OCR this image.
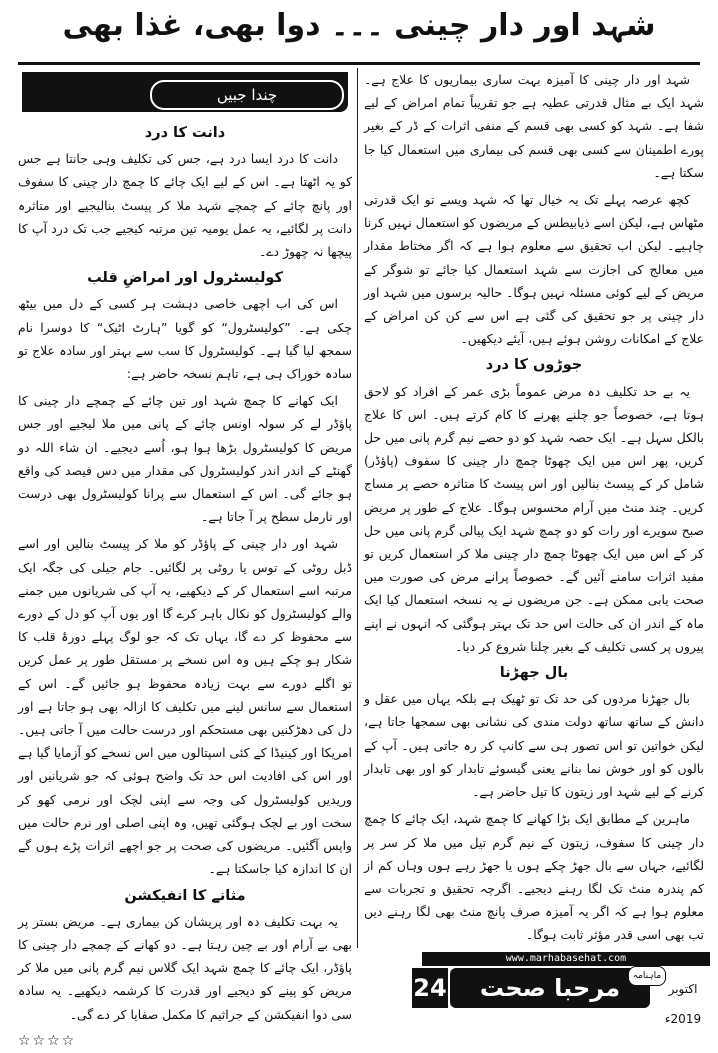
شہد اور دار چینی ۔۔۔ دوا بھی، غذا بھی

شہد اور دار چینی کا آمیزہ بہت ساری بیماریوں کا علاج ہے۔ شہد ایک بے مثال قدرتی عطیہ ہے جو تقریباً تمام امراض کے لیے شفا ہے۔ شہد کو کسی بھی قسم کے منفی اثرات کے ڈر کے بغیر پورے اطمینان سے کسی بھی قسم کی بیماری میں استعمال کیا جا سکتا ہے۔

کچھ عرصہ پہلے تک یہ خیال تھا کہ شہد ویسے تو ایک قدرتی مٹھاس ہے، لیکن اسے ذیابیطس کے مریضوں کو استعمال نہیں کرنا چاہیے۔ لیکن اب تحقیق سے معلوم ہوا ہے کہ اگر مختاط مقدار میں معالج کی اجازت سے شہد استعمال کیا جائے تو شوگر کے مریض کے لیے کوئی مسئلہ نہیں ہوگا۔ حالیہ برسوں میں شہد اور دار چینی پر جو تحقیق کی گئی ہے اس سے کن کن امراض کے علاج کے امکانات روشن ہوئے ہیں، آیئے دیکھیں۔

جوڑوں کا درد

یہ بے حد تکلیف دہ مرض عموماً بڑی عمر کے افراد کو لاحق ہوتا ہے، خصوصاً جو چلنے پھرنے کا کام کرتے ہیں۔ اس کا علاج بالکل سہل ہے۔ ایک حصہ شہد کو دو حصے نیم گرم پانی میں حل کریں، پھر اس میں ایک چھوٹا چمچ دار چینی کا سفوف (پاؤڈر) شامل کر کے پیسٹ بنالیں اور اس پیسٹ کا متاثرہ حصے پر مساج کریں۔ چند منٹ میں آرام محسوس ہوگا۔ علاج کے طور پر مریض صبح سویرے اور رات کو دو چمچ شہد ایک پیالی گرم پانی میں حل کر کے اس میں ایک چھوٹا چمچ دار چینی ملا کر استعمال کریں تو مفید اثرات سامنے آئیں گے۔ خصوصاً پرانے مرض کی صورت میں صحت یابی ممکن ہے۔ جن مریضوں نے یہ نسخہ استعمال کیا ایک ماہ کے اندر ان کی حالت اس حد تک بہتر ہوگئی کہ انہوں نے اپنے پیروں پر کسی تکلیف کے بغیر چلنا شروع کر دیا۔

بال جھڑنا

بال جھڑنا مردوں کی حد تک تو ٹھیک ہے بلکہ یہاں میں عقل و دانش کے ساتھ ساتھ دولت مندی کی نشانی بھی سمجھا جاتا ہے، لیکن خواتین تو اس تصور ہی سے کانپ کر رہ جاتی ہیں۔ آپ کے بالوں کو اور خوش نما بنانے یعنی گیسوئے تابدار کو اور بھی تابدار کرنے کے لیے شہد اور زیتون کا تیل حاضر ہے۔

ماہرین کے مطابق ایک بڑا کھانے کا چمچ شہد، ایک چائے کا چمچ دار چینی کا سفوف، زیتون کے نیم گرم تیل میں ملا کر سر پر لگائیے، جہاں سے بال جھڑ چکے ہوں یا جھڑ رہے ہوں وہاں کم از کم پندرہ منٹ تک لگا رہنے دیجیے۔ اگرچہ تحقیق و تجربات سے معلوم ہوا ہے کہ اگر یہ آمیزہ صرف پانچ منٹ بھی لگا رہنے دیں تب بھی اسی قدر مؤثر ثابت ہوگا۔

چندا جبیں
دانت کا درد

دانت کا درد ایسا درد ہے، جس کی تکلیف وہی جانتا ہے جس کو یہ اٹھتا ہے۔ اس کے لیے ایک چائے کا چمچ دار چینی کا سفوف اور پانچ چائے کے چمچے شہد ملا کر پیسٹ بنالیجیے اور متاثرہ دانت پر لگائیے، یہ عمل یومیہ تین مرتبہ کیجیے جب تک درد آپ کا پیچھا نہ چھوڑ دے۔

کولیسٹرول اور امراضِ قلب

اس کی اب اچھی خاصی دہشت ہر کسی کے دل میں بیٹھ چکی ہے۔ ”کولیسٹرول“ کو گویا ”ہارٹ اٹیک“ کا دوسرا نام سمجھ لیا گیا ہے۔ کولیسٹرول کا سب سے بہتر اور سادہ علاج تو سادہ خوراک ہی ہے، تاہم نسخہ حاضر ہے:

ایک کھانے کا چمچ شہد اور تین چائے کے چمچے دار چینی کا پاؤڈر لے کر سولہ اونس چائے کے پانی میں ملا لیجیے اور جس مریض کا کولیسٹرول بڑھا ہوا ہو، اُسے دیجیے۔ ان شاء اللہ دو گھنٹے کے اندر اندر کولیسٹرول کی مقدار میں دس فیصد کی واقع ہو جائے گی۔ اس کے استعمال سے پرانا کولیسٹرول بھی درست اور نارمل سطح پر آ جاتا ہے۔

شہد اور دار چینی کے پاؤڈر کو ملا کر پیسٹ بنالیں اور اسے ڈبل روٹی کے توس یا روٹی پر لگائیں۔ جام جیلی کی جگہ ایک مرتبہ اسے استعمال کر کے دیکھیے، یہ آپ کی شریانوں میں جمنے والے کولیسٹرول کو نکال باہر کرے گا اور یوں آپ کو دل کے دورے سے محفوظ کر دے گا، یہاں تک کہ جو لوگ پہلے دورۂ قلب کا شکار ہو چکے ہیں وہ اس نسخے پر مستقل طور پر عمل کریں تو اگلے دورے سے بہت زیادہ محفوظ ہو جائیں گے۔ اس کے استعمال سے سانس لینے میں تکلیف کا ازالہ بھی ہو جاتا ہے اور دل کی دھڑکنیں بھی مستحکم اور درست حالت میں آ جاتی ہیں۔ امریکا اور کینیڈا کے کئی اسپتالوں میں اس نسخے کو آزمایا گیا ہے اور اس کی افادیت اس حد تک واضح ہوئی کہ جو شریانیں اور وریدیں کولیسٹرول کی وجہ سے اپنی لچک اور نرمی کھو کر سخت اور بے لچک ہوگئی تھیں، وہ اپنی اصلی اور نرم حالت میں واپس آگئیں۔ مریضوں کی صحت پر جو اچھے اثرات پڑے ہوں گے ان کا اندازہ کیا جاسکتا ہے۔

مثانے کا انفیکشن

یہ بہت تکلیف دہ اور پریشان کن بیماری ہے۔ مریض بستر پر بھی بے آرام اور بے چین رہتا ہے۔ دو کھانے کے چمچے دار چینی کا پاؤڈر، ایک چائے کا چمچ شہد ایک گلاس نیم گرم پانی میں ملا کر مریض کو پینے کو دیجیے اور قدرت کا کرشمہ دیکھیے۔ یہ سادہ سی دوا انفیکشن کے جراثیم کا مکمل صفایا کر دے گی۔

☆☆☆☆
www.marhabasehat.com
24	مرحبا صحت	ماہنامہ
اکتوبر 2019ء
